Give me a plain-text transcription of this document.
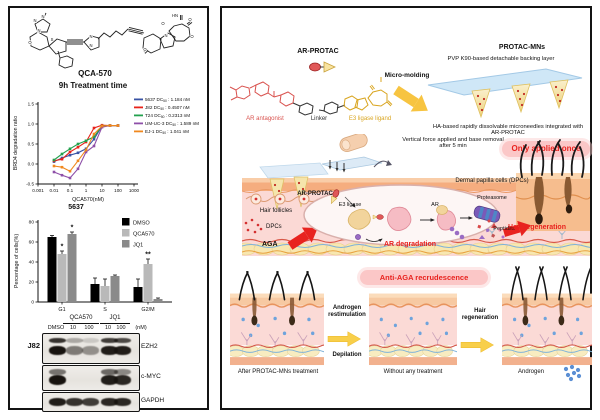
N
N
N
S
O
N
N
N
O
O
HN
O
O
QCA-570
9h Treatment time
0.001 0.01 0.1	1	10 100 1000
-0.5
0.0
0.5
1.0
1.5
QCA570(nM)
BRD4 degradation ratio
5637 $DC_{50}$ : 1.184 nM
J82 $DC_{50}$ : 0.4507 nM
T24 $DC_{50}$ : 0.2313 nM
UM-UC-3 $DC_{50}$ : 1.589 nM
EJ-1 $DC_{50}$ : 1.041 nM
5637
0
20
40
60
80
Percentage of cells(%)
G1	S	G2/M
DMSO
QCA570
JQ1
*
*
**
QCA570	JQ1
DMSO	10	100	10 100	(nM)
J82	EZH2
c-MYC
GAPDH
AR-PROTAC
AR antagonist	Linker	E3 ligase ligand
Micro-molding
PROTAC-MNs
PVP K90-based detachable backing layer
HA-based rapidly dissolvable microneedles integrated with AR-PROTAC
Vertical force applied and base removal after 5 min	Only applied once
AR-PROTAC
Hair follicles
DPCs
AGA
Dermal papilla cells (DPCs)
E3 ligase	AR
Proteasome
Peptides
AR degradation
Hair regeneration
Anti-AGA recrudescence
Androgen restimulation
Depilation
Hair regeneration
After PROTAC-MNs treatment	Without any treatment	Androgen
